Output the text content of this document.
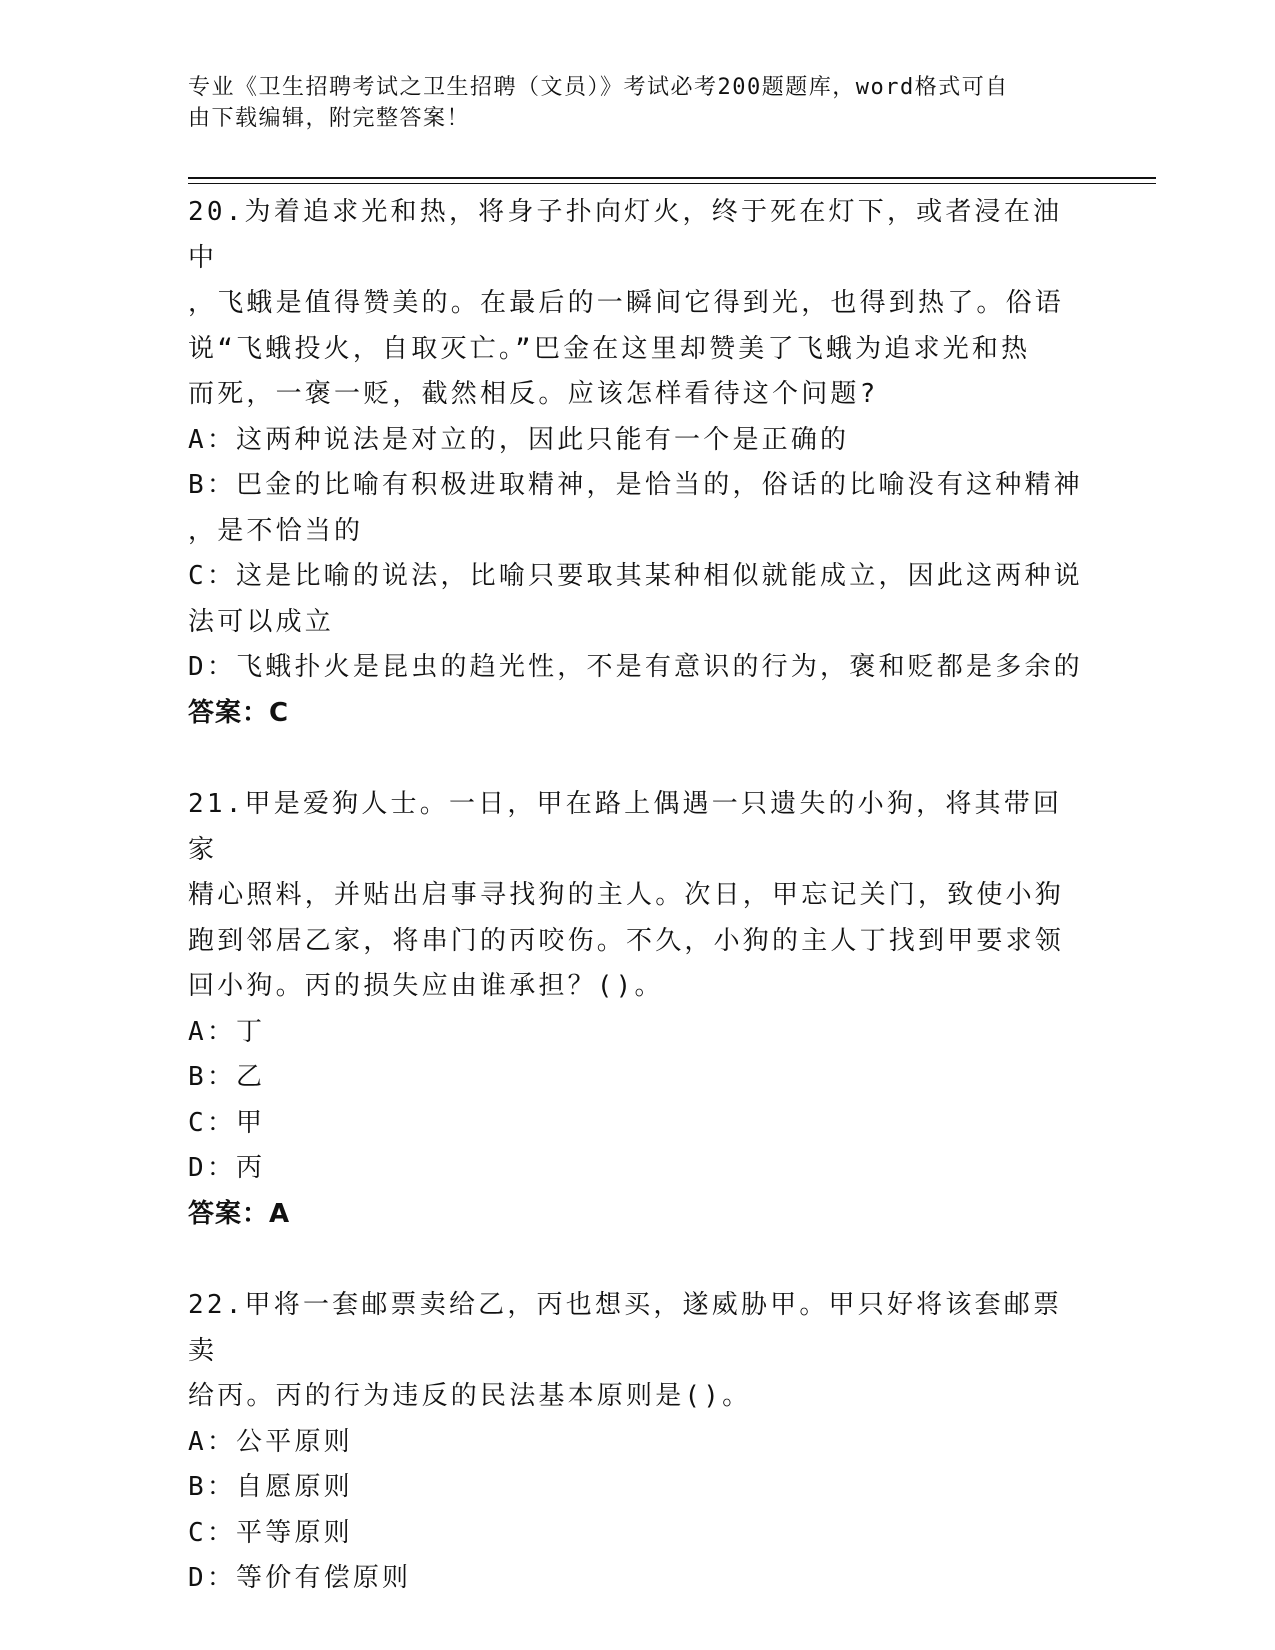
专业《卫生招聘考试之卫生招聘（文员）》考试必考200题题库，word格式可自
由下载编辑，附完整答案！

20.为着追求光和热，将身子扑向灯火，终于死在灯下，或者浸在油中

，飞蛾是值得赞美的。在最后的一瞬间它得到光，也得到热了。俗语

说“飞蛾投火，自取灭亡。”巴金在这里却赞美了飞蛾为追求光和热

而死，一褒一贬，截然相反。应该怎样看待这个问题?

A：这两种说法是对立的，因此只能有一个是正确的

B：巴金的比喻有积极进取精神，是恰当的，俗话的比喻没有这种精神

，是不恰当的

C：这是比喻的说法，比喻只要取其某种相似就能成立，因此这两种说

法可以成立

D：飞蛾扑火是昆虫的趋光性，不是有意识的行为，褒和贬都是多余的

答案：C

21.甲是爱狗人士。一日，甲在路上偶遇一只遗失的小狗，将其带回家

精心照料，并贴出启事寻找狗的主人。次日，甲忘记关门，致使小狗

跑到邻居乙家，将串门的丙咬伤。不久，小狗的主人丁找到甲要求领

回小狗。丙的损失应由谁承担？()。

A：丁

B：乙

C：甲

D：丙

答案：A

22.甲将一套邮票卖给乙，丙也想买，遂威胁甲。甲只好将该套邮票卖

给丙。丙的行为违反的民法基本原则是()。

A：公平原则

B：自愿原则

C：平等原则

D：等价有偿原则
